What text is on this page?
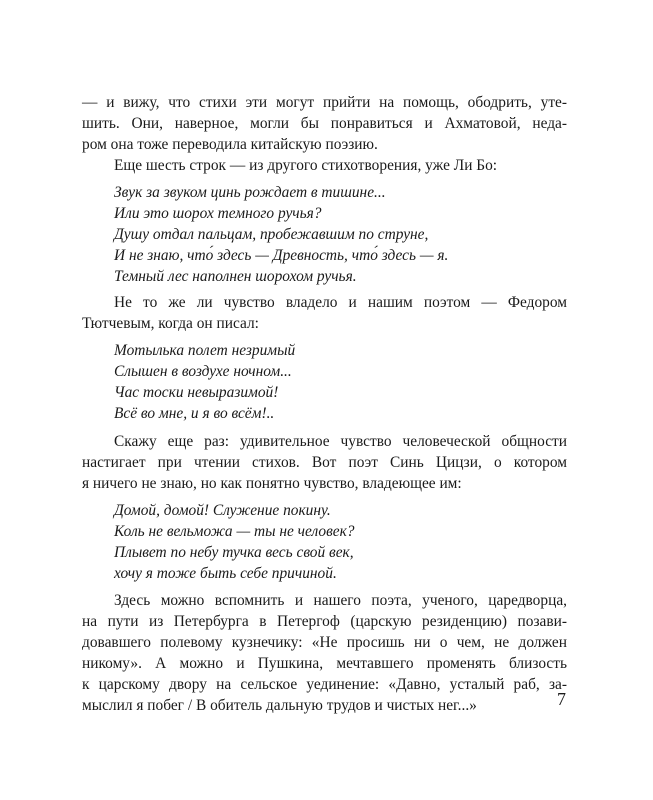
— и вижу, что стихи эти могут прийти на помощь, ободрить, уте-
шить. Они, наверное, могли бы понравиться и Ахматовой, неда-
ром она тоже переводила китайскую поэзию.
Еще шесть строк — из другого стихотворения, уже Ли Бо:
Звук за звуком цинь рождает в тишине...
Или это шорох темного ручья?
Душу отдал пальцам, пробежавшим по струне,
И не знаю, что́ здесь — Древность, что́ здесь — я.
Темный лес наполнен шорохом ручья.
Не то же ли чувство владело и нашим поэтом — Федором
Тютчевым, когда он писал:
Мотылька полет незримый
Слышен в воздухе ночном...
Час тоски невыразимой!
Всё во мне, и я во всём!..
Скажу еще раз: удивительное чувство человеческой общности
настигает при чтении стихов. Вот поэт Синь Цицзи, о котором
я ничего не знаю, но как понятно чувство, владеющее им:
Домой, домой! Служение покину.
Коль не вельможа — ты не человек?
Плывет по небу тучка весь свой век,
хочу я тоже быть себе причиной.
Здесь можно вспомнить и нашего поэта, ученого, царедворца,
на пути из Петербурга в Петергоф (царскую резиденцию) позави-
довавшего полевому кузнечику: «Не просишь ни о чем, не должен
никому». А можно и Пушкина, мечтавшего променять близость
к царскому двору на сельское уединение: «Давно, усталый раб, за-
мыслил я побег / В обитель дальную трудов и чистых нег...»	7
